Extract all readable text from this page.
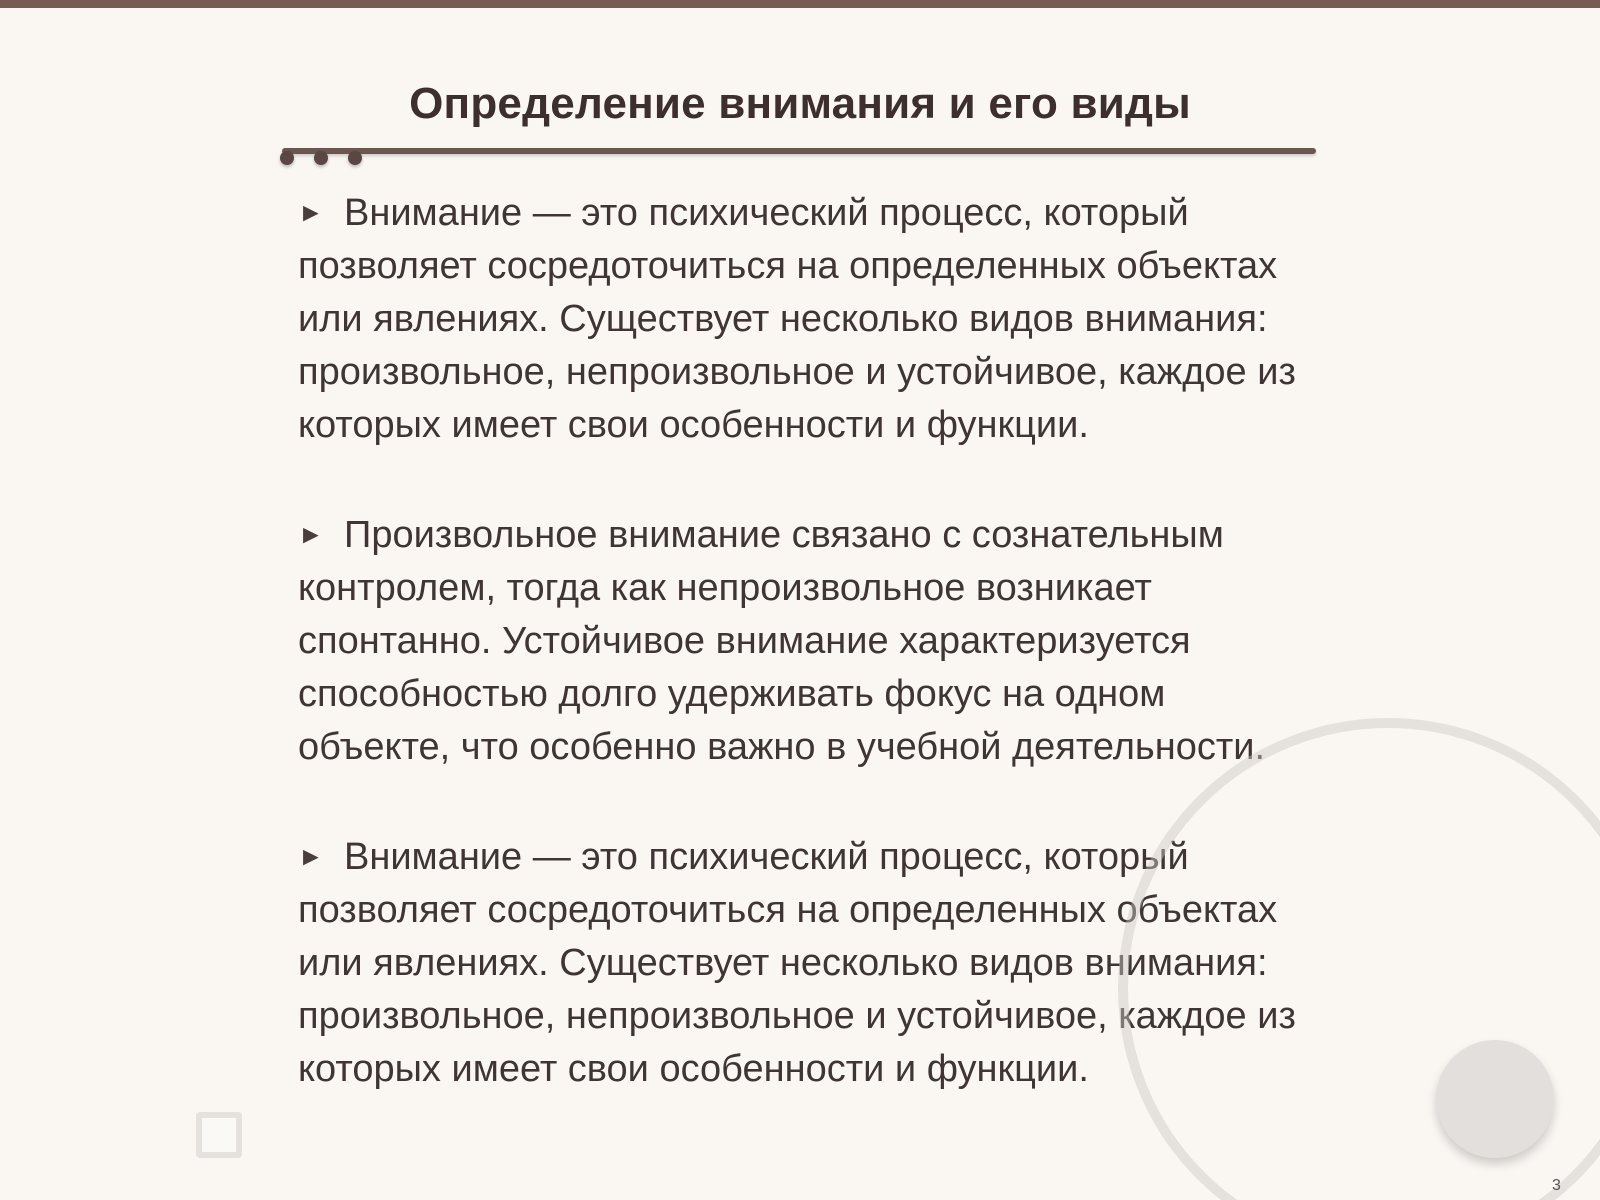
Определение внимания и его виды

► Внимание — это психический процесс, который позволяет сосредоточиться на определенных объектах или явлениях. Существует несколько видов внимания: произвольное, непроизвольное и устойчивое, каждое из которых имеет свои особенности и функции.

► Произвольное внимание связано с сознательным контролем, тогда как непроизвольное возникает спонтанно. Устойчивое внимание характеризуется способностью долго удерживать фокус на одном объекте, что особенно важно в учебной деятельности.

► Внимание — это психический процесс, который позволяет сосредоточиться на определенных объектах или явлениях. Существует несколько видов внимания: произвольное, непроизвольное и устойчивое, каждое из которых имеет свои особенности и функции.

3
